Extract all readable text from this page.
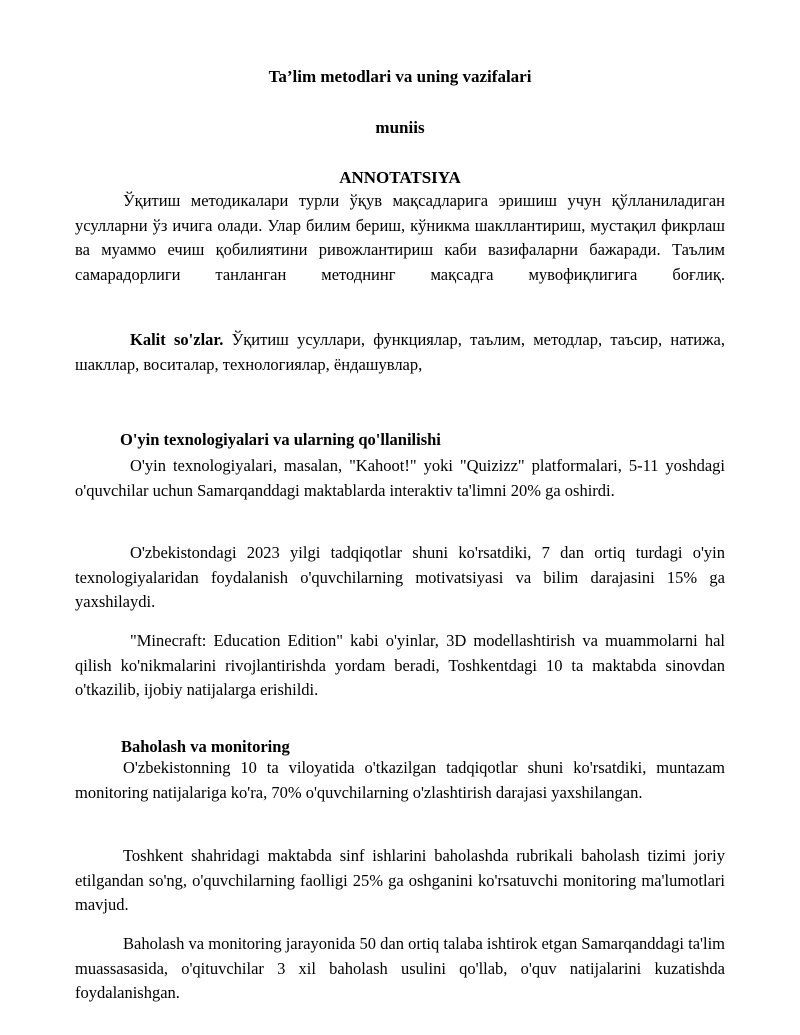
Ta’lim metodlari va uning vazifalari
muniis
ANNOTATSIYA
Ўқитиш методикалари турли ўқув мақсадларига эришиш учун қўлланиладиган усулларни ўз ичига олади. Улар билим бериш, кўникма шакллантириш, мустақил фикрлаш ва муаммо ечиш қобилиятини ривожлантириш каби вазифаларни бажаради. Таълим самарадорлиги танланган методнинг мақсадга мувофиқлигига боғлиқ.
Kalit so'zlar. Ўқитиш усуллари, функциялар, таълим, методлар, таъсир, натижа, шакллар, воситалар, технологиялар, ёндашувлар,
O'yin texnologiyalari va ularning qo'llanilishi
O'yin texnologiyalari, masalan, "Kahoot!" yoki "Quizizz" platformalari, 5-11 yoshdagi o'quvchilar uchun Samarqanddagi maktablarda interaktiv ta'limni 20% ga oshirdi.
O'zbekistondagi 2023 yilgi tadqiqotlar shuni ko'rsatdiki, 7 dan ortiq turdagi o'yin texnologiyalaridan foydalanish o'quvchilarning motivatsiyasi va bilim darajasini 15% ga yaxshilaydi.
"Minecraft: Education Edition" kabi o'yinlar, 3D modellashtirish va muammolarni hal qilish ko'nikmalarini rivojlantirishda yordam beradi, Toshkentdagi 10 ta maktabda sinovdan o'tkazilib, ijobiy natijalarga erishildi.
Baholash va monitoring
O'zbekistonning 10 ta viloyatida o'tkazilgan tadqiqotlar shuni ko'rsatdiki, muntazam monitoring natijalariga ko'ra, 70% o'quvchilarning o'zlashtirish darajasi yaxshilangan.
Toshkent shahridagi maktabda sinf ishlarini baholashda rubrikali baholash tizimi joriy etilgandan so'ng, o'quvchilarning faolligi 25% ga oshganini ko'rsatuvchi monitoring ma'lumotlari mavjud.
Baholash va monitoring jarayonida 50 dan ortiq talaba ishtirok etgan Samarqanddagi ta'lim muassasasida, o'qituvchilar 3 xil baholash usulini qo'llab, o'quv natijalarini kuzatishda foydalanishgan.
